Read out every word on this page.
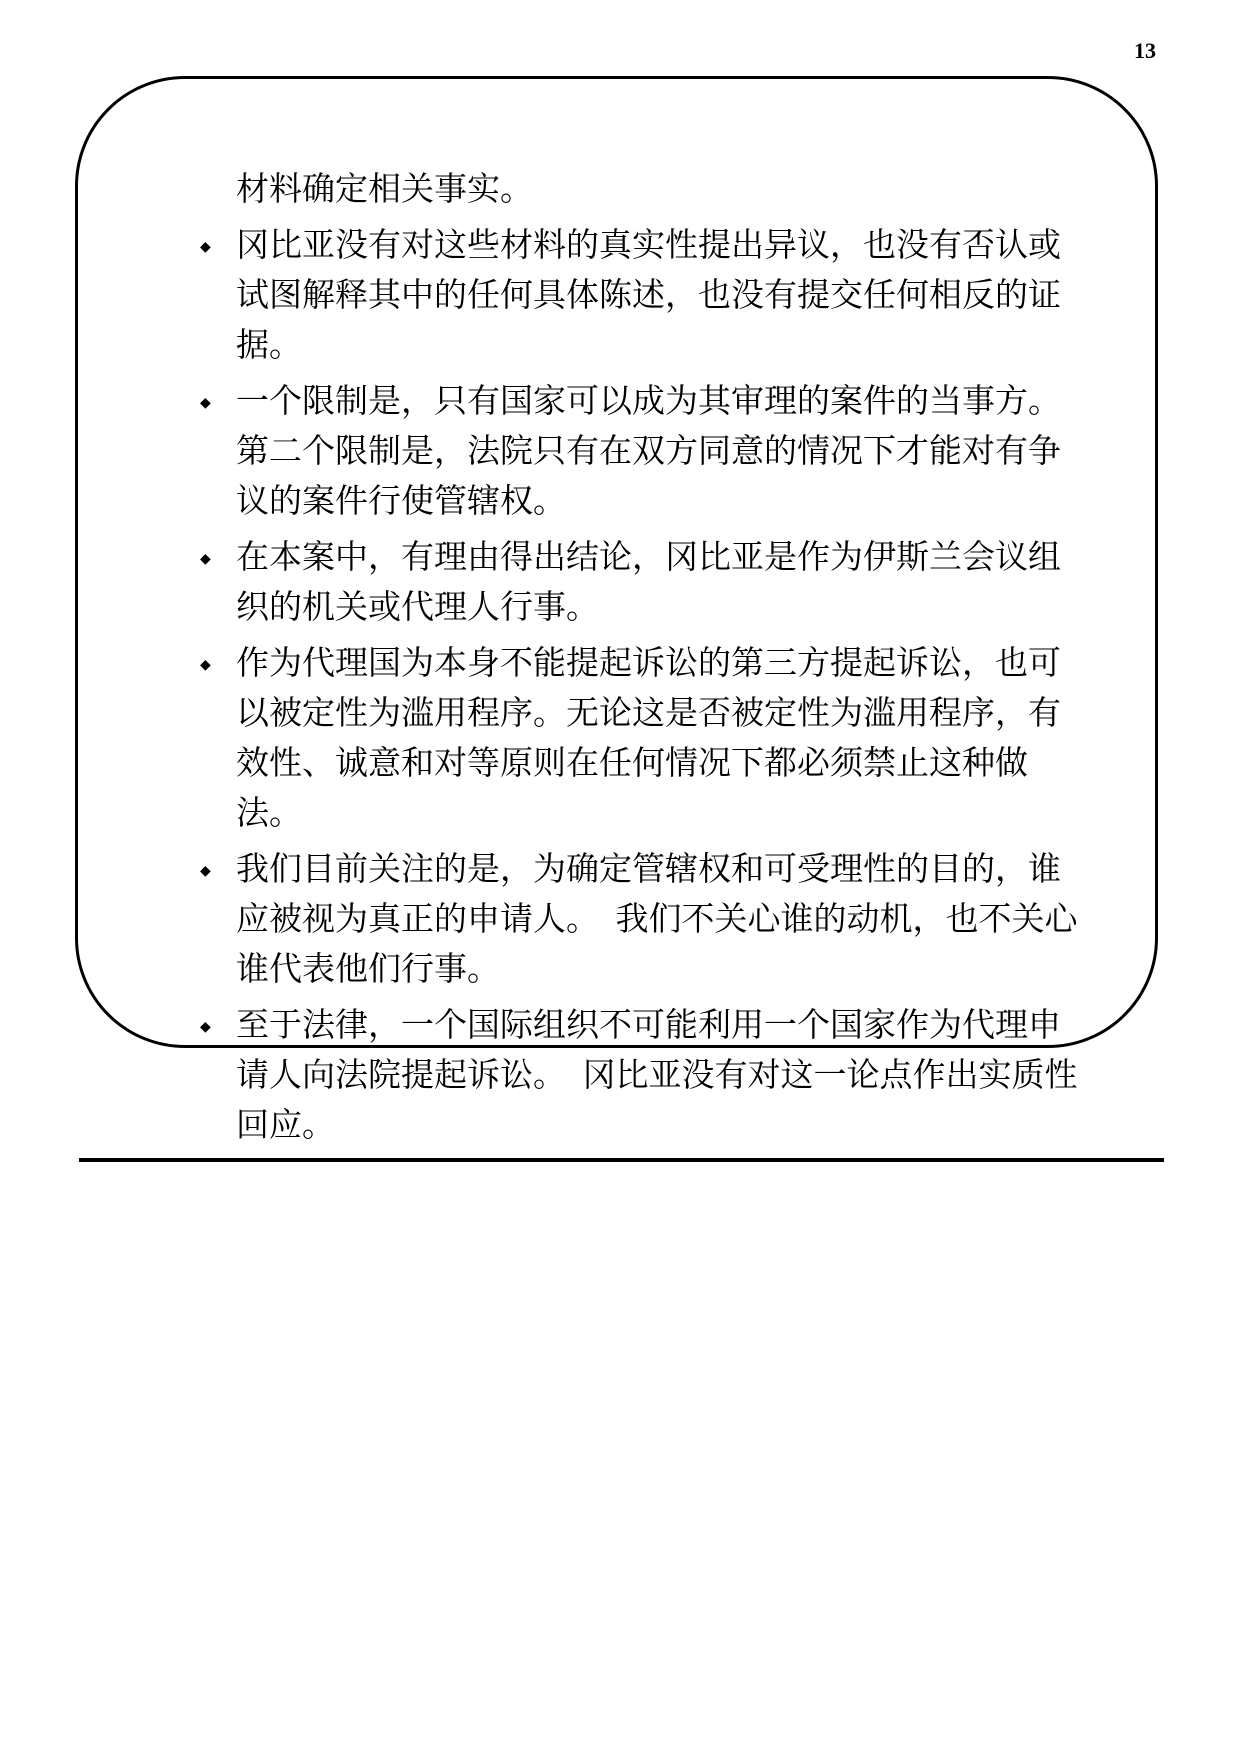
13
材料确定相关事实。
◆ 冈比亚没有对这些材料的真实性提出异议，也没有否认或试图解释其中的任何具体陈述，也没有提交任何相反的证据。
◆ 一个限制是，只有国家可以成为其审理的案件的当事方。　第二个限制是，法院只有在双方同意的情况下才能对有争议的案件行使管辖权。
◆ 在本案中，有理由得出结论，冈比亚是作为伊斯兰会议组织的机关或代理人行事。
◆ 作为代理国为本身不能提起诉讼的第三方提起诉讼，也可以被定性为滥用程序。无论这是否被定性为滥用程序，有效性、诚意和对等原则在任何情况下都必须禁止这种做法。
◆ 我们目前关注的是，为确定管辖权和可受理性的目的，谁应被视为真正的申请人。　我们不关心谁的动机，也不关心谁代表他们行事。
◆ 至于法律，一个国际组织不可能利用一个国家作为代理申请人向法院提起诉讼。　冈比亚没有对这一论点作出实质性回应。
